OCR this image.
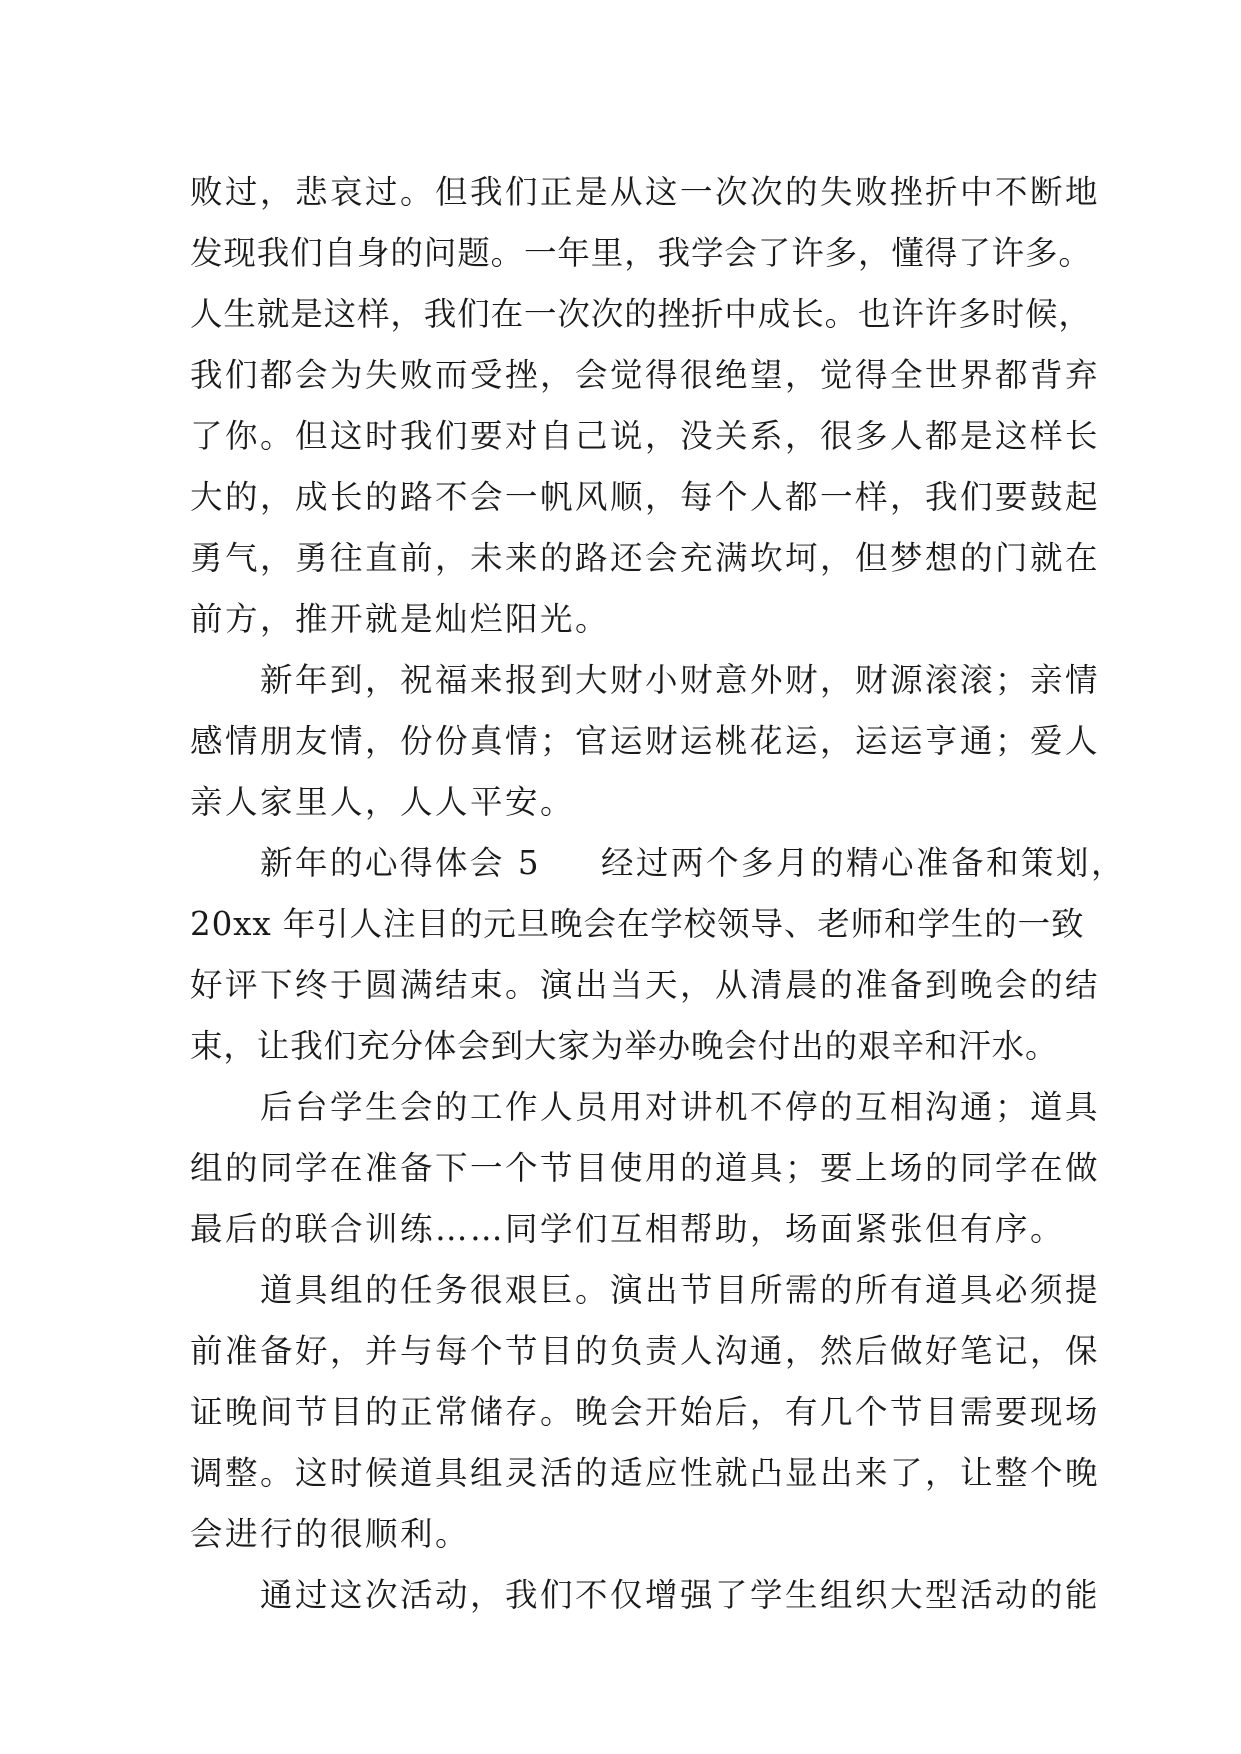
败过，悲哀过。但我们正是从这一次次的失败挫折中不断地
发现我们自身的问题。一年里，我学会了许多，懂得了许多。
人生就是这样，我们在一次次的挫折中成长。也许许多时候，
我们都会为失败而受挫，会觉得很绝望，觉得全世界都背弃
了你。但这时我们要对自己说，没关系，很多人都是这样长
大的，成长的路不会一帆风顺，每个人都一样，我们要鼓起
勇气，勇往直前，未来的路还会充满坎坷，但梦想的门就在
前方，推开就是灿烂阳光。
　　新年到，祝福来报到大财小财意外财，财源滚滚；亲情
感情朋友情，份份真情；官运财运桃花运，运运亨通；爱人
亲人家里人，人人平安。
　　新年的心得体会 5 经过两个多月的精心准备和策划，
20xx 年引人注目的元旦晚会在学校领导、老师和学生的一致
好评下终于圆满结束。演出当天，从清晨的准备到晚会的结
束，让我们充分体会到大家为举办晚会付出的艰辛和汗水。
　　后台学生会的工作人员用对讲机不停的互相沟通；道具
组的同学在准备下一个节目使用的道具；要上场的同学在做
最后的联合训练……同学们互相帮助，场面紧张但有序。
　　道具组的任务很艰巨。演出节目所需的所有道具必须提
前准备好，并与每个节目的负责人沟通，然后做好笔记，保
证晚间节目的正常储存。晚会开始后，有几个节目需要现场
调整。这时候道具组灵活的适应性就凸显出来了，让整个晚
会进行的很顺利。
　　通过这次活动，我们不仅增强了学生组织大型活动的能
